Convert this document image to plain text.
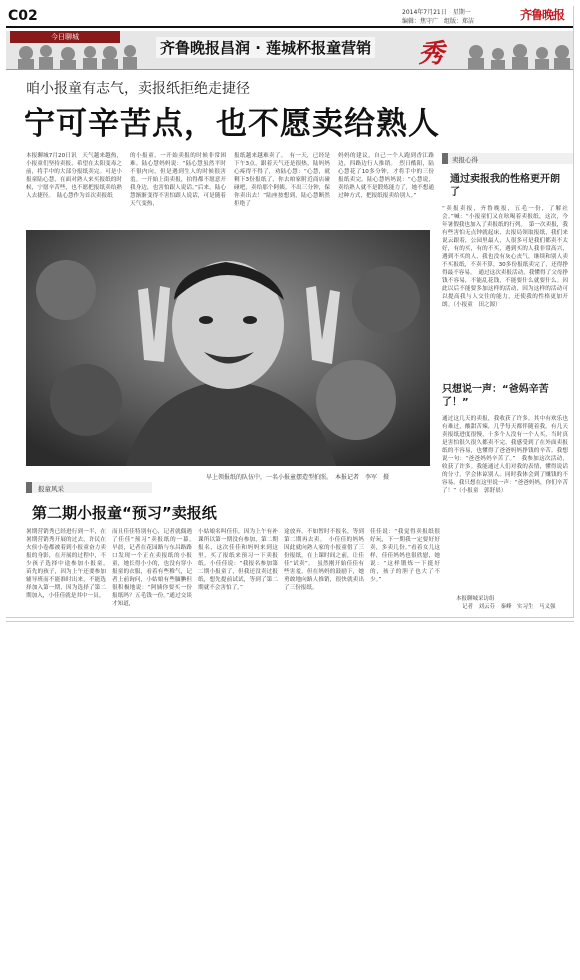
C02	2014年7月21日　星期一
编辑：焦守广　组版：郑洁	齐鲁晚报
今日聊城
齐鲁晚报昌润 · 莲城杯报童营销 秀
咱小报童有志气，卖报纸拒绝走捷径
宁可辛苦点，也不愿卖给熟人
本报聊城7月20日讯　天气越来越热，小报童们坚持卖报，希望在太阳变毒之前，将手中的大部分报纸卖完。可是小报童陆心慧，在面对熟人来买报纸的时候，宁愿辛苦些，也不愿把报纸卖给熟人去捷径。　陆心慧作为首次卖报纸
的小报童，一开始卖报的时候非常困难。陆心慧妈妈说：“陆心慧虽然平时不很内向，但是遇到生人的时候很害羞。一开始上街卖报，拍得都不愿意开我身边，也害怕跟人说话。”后来，陆心慧渐渐变得不害怕跟人说话，可是随着天气变热，
报纸越来越难卖了。　有一天，已经是下午3点，跟着天气还是很热，陆妈妈心疼得不得了，劝陆心慧：“心慧，就剩下3份报纸了，你去咱家附近商店碰碰吧，卖给那个阿姨。不出三分钟，保你卖出去！”陆座按想到，陆心慧断然拒绝了
妈妈的建议，自己一个人跑到香江路边，四路边行人推销。　烈日酷阳，陆心慧花了10多分钟，才将手中的三份报纸卖完。陆心慧妈妈说：“心慧说，卖给熟人就不是锻炼能力了，她不想通过种方式，把报纸报卖给别人。”
早上领报纸的队伍中，一名小报童摆造型拍照。　本报记者　李军　摄
卖报心得
通过卖报我的性格更开朗了
“卖报卖报，齐鲁晚报，五毛一份，了解社会。”喊：“小报童们又在吆喝着卖报纸，这次，今年暑假我也加入了卖报纸的行列。　第一次卖报，我有些害怕无点钟就起床，去报局领取报纸，我们来说云跟着，公园里最人，人很多可是我们都卖不太好，有的买，有的不买，遇到买的人我非常高兴，遇到不买的人，我也没有灰心丧气，继续和别人卖不买报纸，不卖不算，30多份报纸卖完了，还得挣得最不容易。　通过这次卖报活动，我懂得了父母挣钱不容易，不能乱花钱，不能要什么就要什么。因此以后不能要多加这样的活动，因为这样的活动可以提高我与人交往的能力，还使我的性格更加开朗。（小报童　田之源）
只想说一声：“爸妈辛苦了！”
通过这几天的卖报，我收获了许多。其中有欢乐也有难过，酸甜苦辣，几乎每天都伴随着我。有几天卖报纸进度很慢，十多个人没有一个人买，当时真是害怕很久很久都卖不完。我感受到了在外面卖报纸的不容易，也懂得了爸爸妈妈挣钱的辛苦。我想说一句：“爸爸妈妈辛苦了。”　我参加这次活动，收获了许多。我能通过人们对我的表情，懂得说话的分寸，学会体谅别人。同时我体会到了赚钱的不容易。我只想在这里说一声：“爸爸妈妈，你们辛苦了！”（小报童　郭舒晨）
报童风采
第二期小报童“预习”卖报纸
暑期营销秀已经进行到一半，在暑期营销秀开展的过去，许民在火侯小卷都被着到小报童奋力卖报的身影，在开展的过程中，不少孩子选择中途参加小报童。　苗先的孩子，因为上午还要参加辅导班而不能准时出来，不能选择加入第一期，因为选择了第二期加入，小佳佳就是其中一员。
而且佳佳特别有心，记者就偶遇了佳佳“预习”卖报纸的一幕。　早晨，记者在花园路与东昌路路口发现一个正在卖报纸的小报童，她长得小小的，也没有穿小报童的衣服，看着有些稚气，记者上前询问，小姑娘有些腼腆但很积极地说：“阿姨你要买一份报纸吗？五毛钱一份。”通过交谈才知道，
小姑娘名叫佳佳，因为上午有补课所以第一期没有参加，第二期报名，这次佳佳和妈妈来到这里，买了报纸来预习一下卖报纸。小佳佳说：“我报名参加第二期小报童了，但我还没卖过报纸，想先提前试试，等到了第二期就不会害怕了。”
途放弃，不如暂时不报名，等到第二期再去卖。　小佳佳的妈妈因此就向熟人家的小报童借了三份报纸，在上课时间之前，让佳佳“试卖”。　虽然刚开始佳佳有些害羞，但在妈妈的鼓励下，她勇敢地向路人推销，很快就卖出了三份报纸。
佳佳说：“我觉得卖报纸很好玩，下一期我一定要好好卖，多卖几份。”看着女儿这样，佳佳妈妈也很欣慰，她说：“这样锻炼一下挺好的，孩子的胆子也大了不少。”
本报聊城采访组
记者　刘云芬　秦峰　实习生　马义强
